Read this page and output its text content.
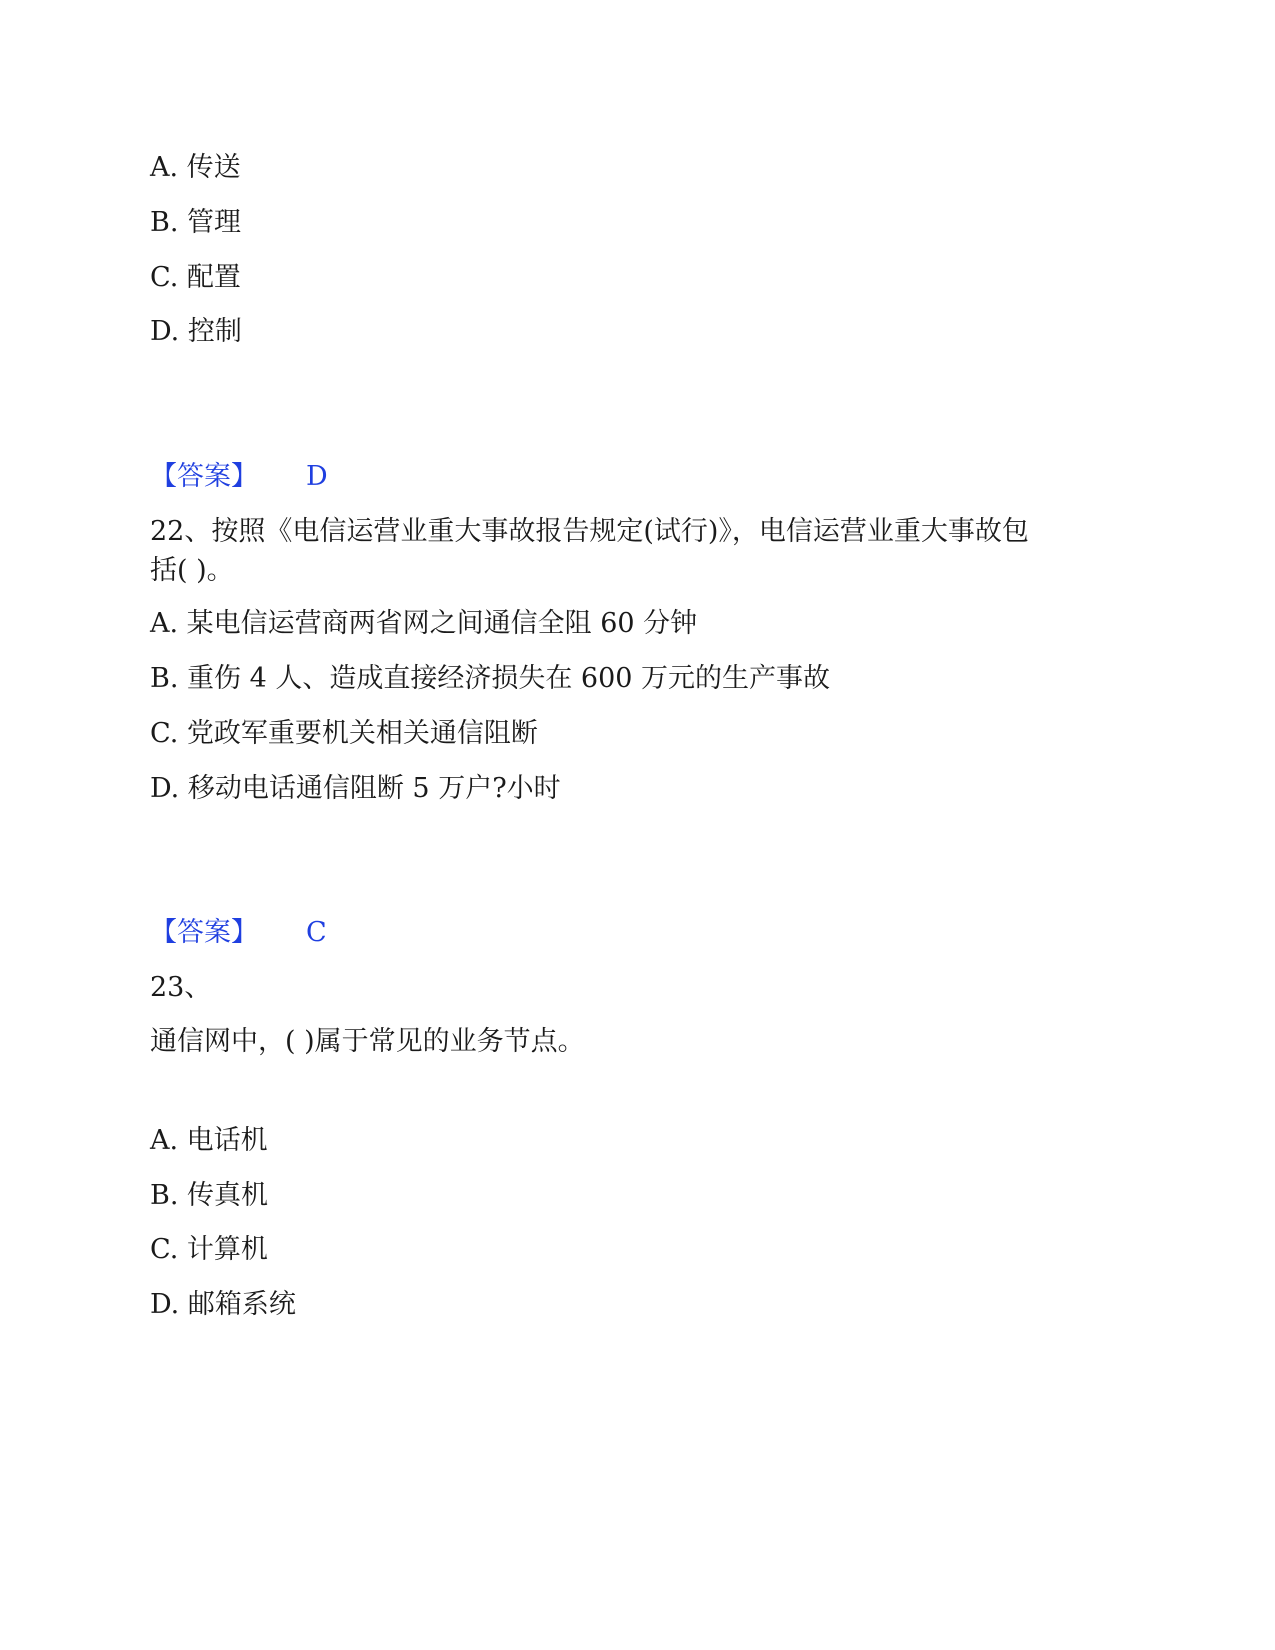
A. 传送
B. 管理
C. 配置
D. 控制
【答案】 D
22、按照《电信运营业重大事故报告规定(试行)》，电信运营业重大事故包
括( )。
A. 某电信运营商两省网之间通信全阻 60 分钟
B. 重伤 4 人、造成直接经济损失在 600 万元的生产事故
C. 党政军重要机关相关通信阻断
D. 移动电话通信阻断 5 万户?小时
【答案】 C
23、
通信网中，( )属于常见的业务节点。
A. 电话机
B. 传真机
C. 计算机
D. 邮箱系统
